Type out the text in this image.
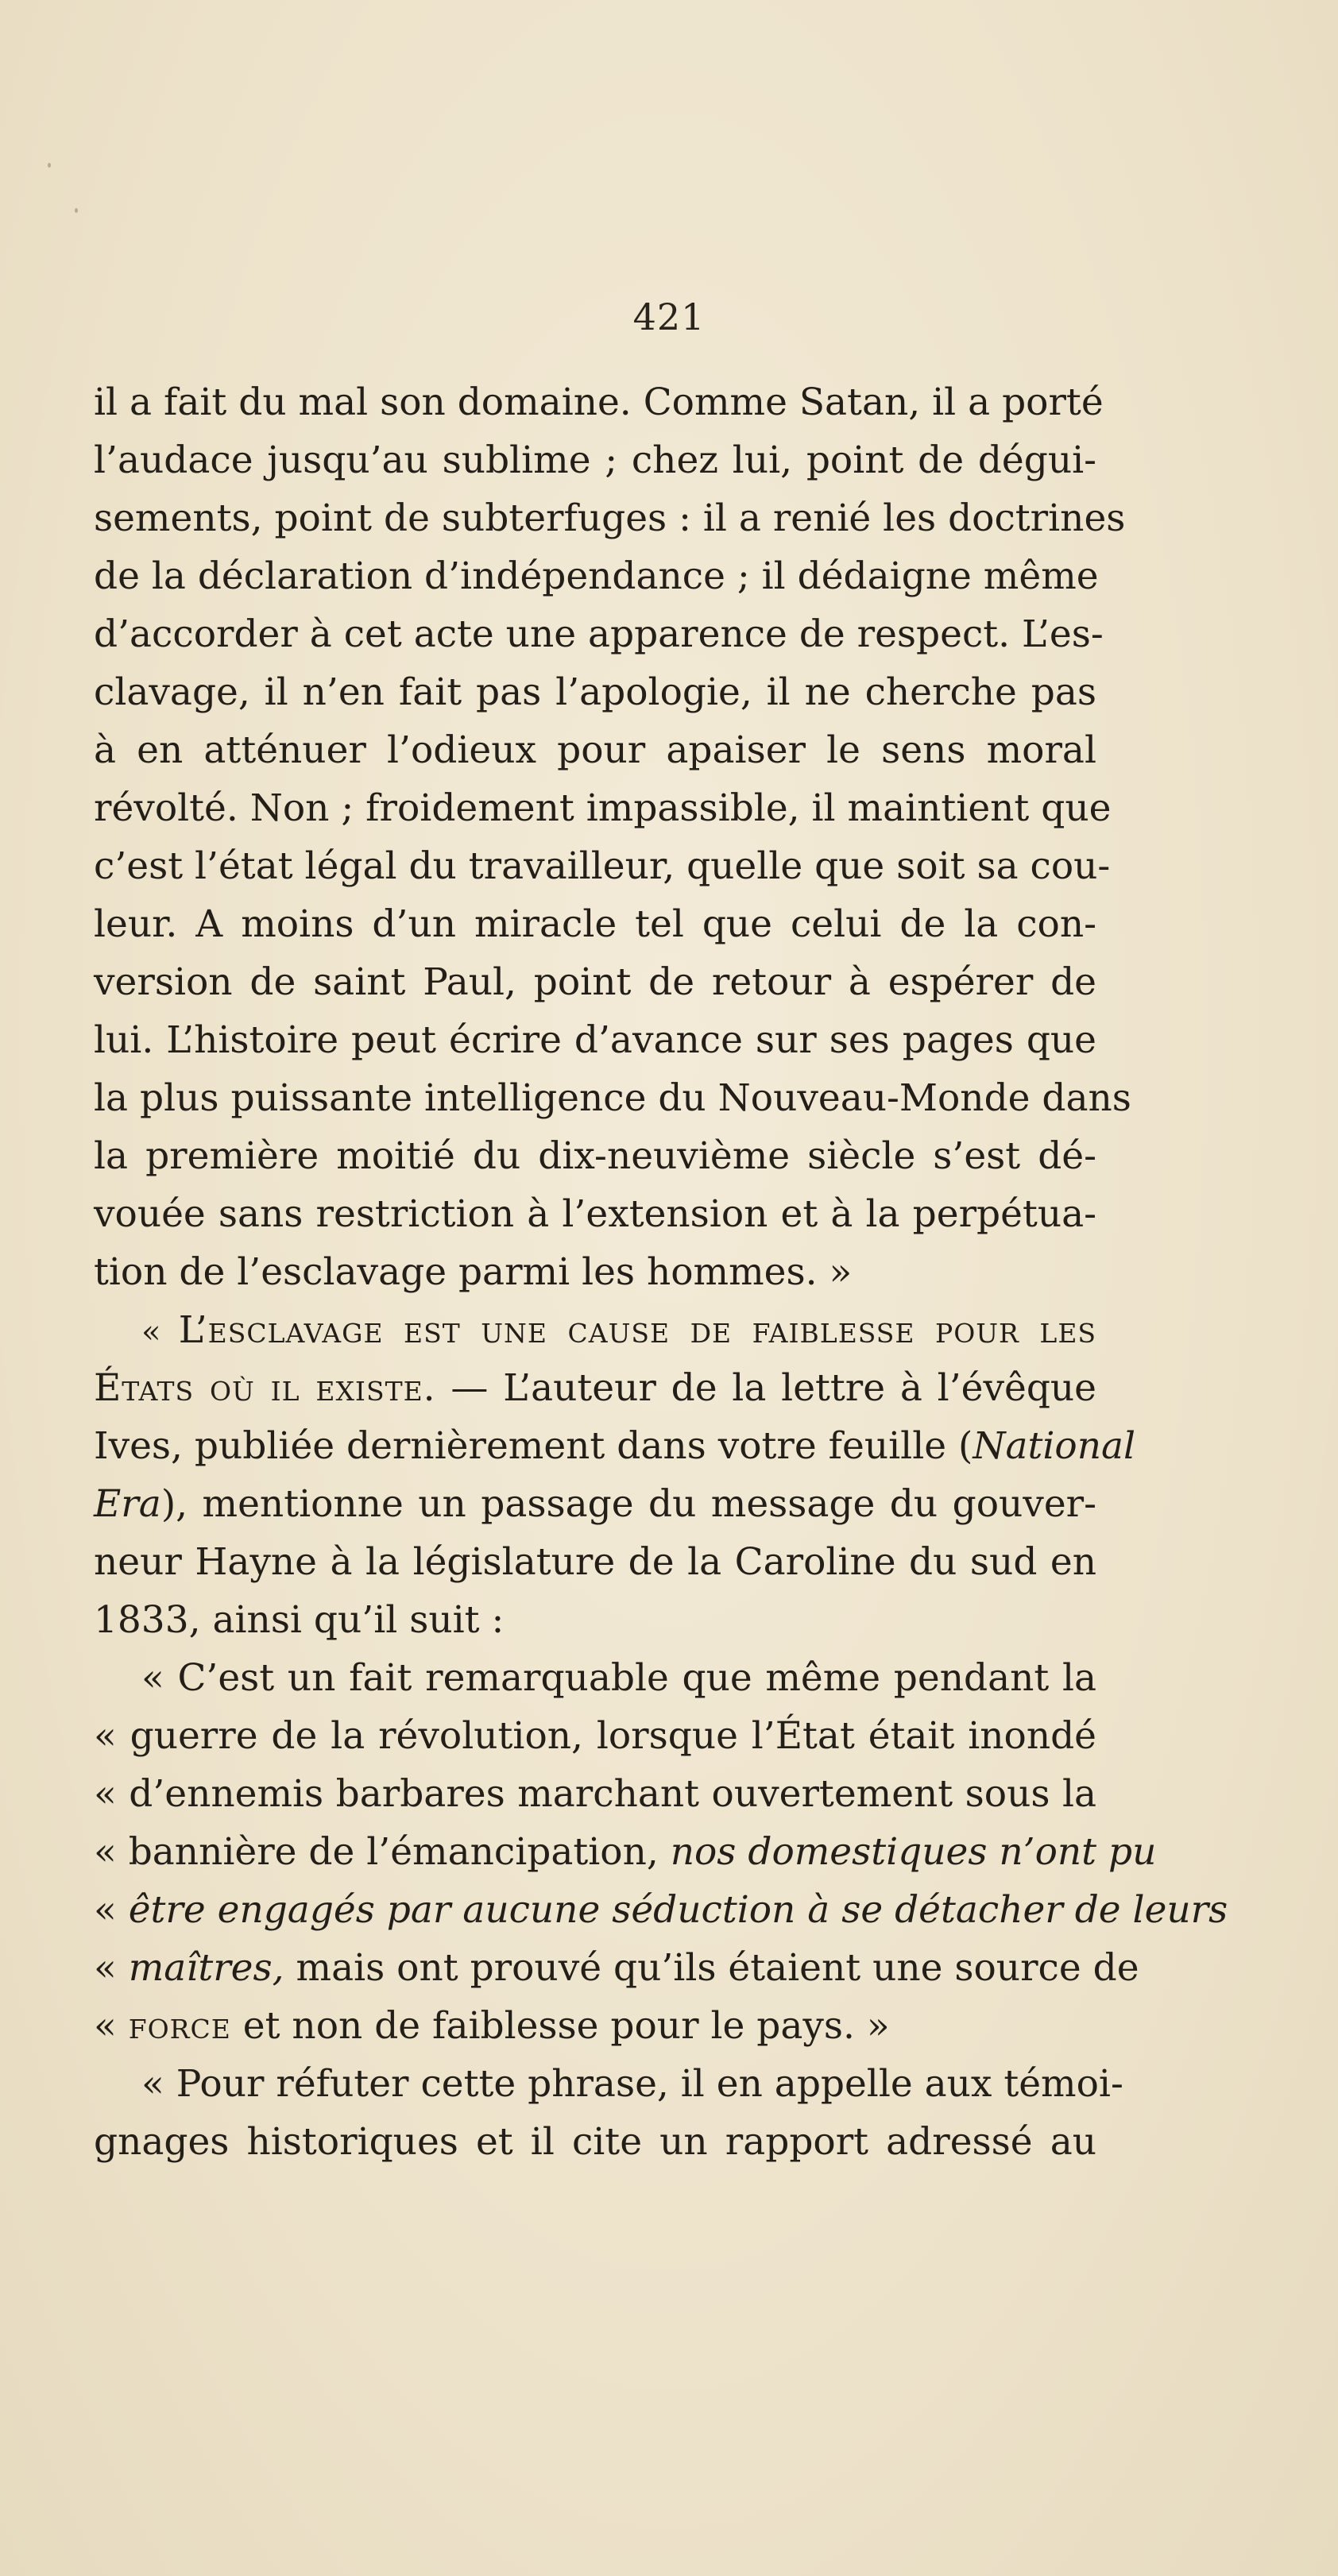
421
il a fait du mal son domaine. Comme Satan, il a porté
l’audace jusqu’au sublime ; chez lui, point de dégui-
sements, point de subterfuges : il a renié les doctrines
de la déclaration d’indépendance ; il dédaigne même
d’accorder à cet acte une apparence de respect. L’es-
clavage, il n’en fait pas l’apologie, il ne cherche pas
à en atténuer l’odieux pour apaiser le sens moral
révolté. Non ; froidement impassible, il maintient que
c’est l’état légal du travailleur, quelle que soit sa cou-
leur. A moins d’un miracle tel que celui de la con-
version de saint Paul, point de retour à espérer de
lui. L’histoire peut écrire d’avance sur ses pages que
la plus puissante intelligence du Nouveau-Monde dans
la première moitié du dix-neuvième siècle s’est dé-
vouée sans restriction à l’extension et à la perpétua-
tion de l’esclavage parmi les hommes. »
« L’esclavage est une cause de faiblesse pour les
États où il existe. — L’auteur de la lettre à l’évêque
Ives, publiée dernièrement dans votre feuille (National
Era), mentionne un passage du message du gouver-
neur Hayne à la législature de la Caroline du sud en
1833, ainsi qu’il suit :
« C’est un fait remarquable que même pendant la
« guerre de la révolution, lorsque l’État était inondé
« d’ennemis barbares marchant ouvertement sous la
« bannière de l’émancipation, nos domestiques n’ont pu
« être engagés par aucune séduction à se détacher de leurs
« maîtres, mais ont prouvé qu’ils étaient une source de
« force et non de faiblesse pour le pays. »
« Pour réfuter cette phrase, il en appelle aux témoi-
gnages historiques et il cite un rapport adressé au
